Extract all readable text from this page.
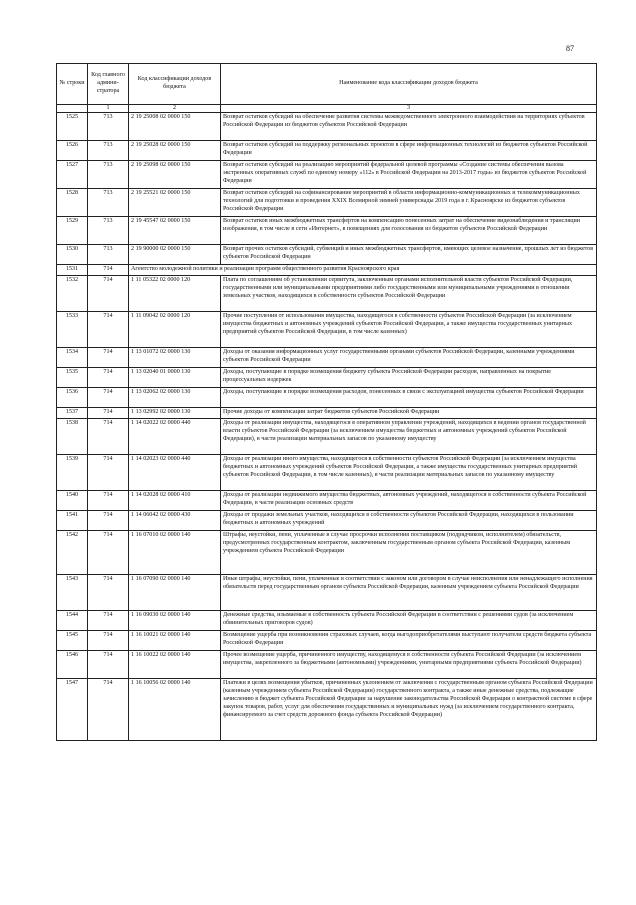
87
№ строки	Код главного админи-стратора	Код классификации доходов бюджета	Наименование кода классификации доходов бюджета
	1	2	3
1525	713	2 19 25008 02 0000 150	Возврат остатков субсидий на обеспечение развития системы межведомственного электронного взаимодействия на территориях субъектов Российской Федерации из бюджетов субъектов Российской Федерации
1526	713	2 19 25028 02 0000 150	Возврат остатков субсидий на поддержку региональных проектов в сфере информационных технологий из бюджетов субъектов Российской Федерации
1527	713	2 19 25098 02 0000 150	Возврат остатков субсидий на реализацию мероприятий федеральной целевой программы «Создание системы обеспечения вызова экстренных оперативных служб по единому номеру «112» в Российской Федерации на 2013-2017 годы» из бюджетов субъектов Российской Федерации
1528	713	2 19 25521 02 0000 150	Возврат остатков субсидий на софинансирование мероприятий в области информационно-коммуникационных и телекоммуникационных технологий для подготовки и проведения XXIX Всемирной зимней универсиады 2019 года в г. Красноярске из бюджетов субъектов Российской Федерации
1529	713	2 19 45547 02 0000 150	Возврат остатков иных межбюджетных трансфертов на компенсацию понесенных затрат на обеспечение видеонаблюдения и трансляции изображения, в том числе в сети «Интернет», в помещениях для голосования из бюджетов субъектов Российской Федерации
1530	713	2 19 90000 02 0000 150	Возврат прочих остатков субсидий, субвенций и иных межбюджетных трансфертов, имеющих целевое назначение, прошлых лет из бюджетов субъектов Российской Федерации
1531	714	Агентство молодежной политики и реализации программ общественного развития Красноярского края	
1532	714	1 11 05322 02 0000 120	Плата по соглашениям об установлении сервитута, заключенным органами исполнительной власти субъектов Российской Федерации, государственными или муниципальными предприятиями либо государственными или муниципальными учреждениями в отношении земельных участков, находящихся в собственности субъектов Российской Федерации
1533	714	1 11 09042 02 0000 120	Прочие поступления от использования имущества, находящегося в собственности субъектов Российской Федерации (за исключением имущества бюджетных и автономных учреждений субъектов Российской Федерации, а также имущества государственных унитарных предприятий субъектов Российской Федерации, в том числе казенных)
1534	714	1 13 01072 02 0000 130	Доходы от оказания информационных услуг государственными органами субъектов Российской Федерации, казенными учреждениями субъектов Российской Федерации
1535	714	1 13 02040 01 0000 130	Доходы, поступающие в порядке возмещения бюджету субъекта Российской Федерации расходов, направленных на покрытие процессуальных издержек
1536	714	1 13 02062 02 0000 130	Доходы, поступающие в порядке возмещения расходов, понесенных в связи с эксплуатацией имущества субъектов Российской Федерации
1537	714	1 13 02992 02 0000 130	Прочие доходы от компенсации затрат бюджетов субъектов Российской Федерации
1538	714	1 14 02022 02 0000 440	Доходы от реализации имущества, находящегося в оперативном управлении учреждений, находящихся в ведении органов государственной власти субъектов Российской Федерации (за исключением имущества бюджетных и автономных учреждений субъектов Российской Федерации), в части реализации материальных запасов по указанному имуществу
1539	714	1 14 02023 02 0000 440	Доходы от реализации иного имущества, находящегося в собственности субъектов Российской Федерации (за исключением имущества бюджетных и автономных учреждений субъектов Российской Федерации, а также имущества государственных унитарных предприятий субъектов Российской Федерации, в том числе казенных), в части реализации материальных запасов по указанному имуществу
1540	714	1 14 02028 02 0000 410	Доходы от реализации недвижимого имущества бюджетных, автономных учреждений, находящегося в собственности субъекта Российской Федерации, в части реализации основных средств
1541	714	1 14 06042 02 0000 430	Доходы от продажи земельных участков, находящихся в собственности субъектов Российской Федерации, находящихся в пользовании бюджетных и автономных учреждений
1542	714	1 16 07010 02 0000 140	Штрафы, неустойки, пени, уплаченные в случае просрочки исполнения поставщиком (подрядчиком, исполнителем) обязательств, предусмотренных государственным контрактом, заключенным государственным органом субъекта Российской Федерации, казенным учреждением субъекта Российской Федерации
1543	714	1 16 07090 02 0000 140	Иные штрафы, неустойки, пени, уплаченные в соответствии с законом или договором в случае неисполнения или ненадлежащего исполнения обязательств перед государственным органом субъекта Российской Федерации, казенным учреждением субъекта Российской Федерации
1544	714	1 16 09030 02 0000 140	Денежные средства, изымаемые в собственность субъекта Российской Федерации в соответствии с решениями судов (за исключением обвинительных приговоров судов)
1545	714	1 16 10021 02 0000 140	Возмещение ущерба при возникновении страховых случаев, когда выгодоприобретателями выступают получатели средств бюджета субъекта Российской Федерации
1546	714	1 16 10022 02 0000 140	Прочее возмещение ущерба, причиненного имуществу, находящемуся в собственности субъекта Российской Федерации (за исключением имущества, закрепленного за бюджетными (автономными) учреждениями, унитарными предприятиями субъекта Российской Федерации)
1547	714	1 16 10056 02 0000 140	Платежи в целях возмещения убытков, причиненных уклонением от заключения с государственным органом субъекта Российской Федерации (казенным учреждением субъекта Российской Федерации) государственного контракта, а также иные денежные средства, подлежащие зачислению в бюджет субъекта Российской Федерации за нарушение законодательства Российской Федерации о контрактной системе в сфере закупок товаров, работ, услуг для обеспечения государственных и муниципальных нужд (за исключением государственного контракта, финансируемого за счет средств дорожного фонда субъекта Российской Федерации)
